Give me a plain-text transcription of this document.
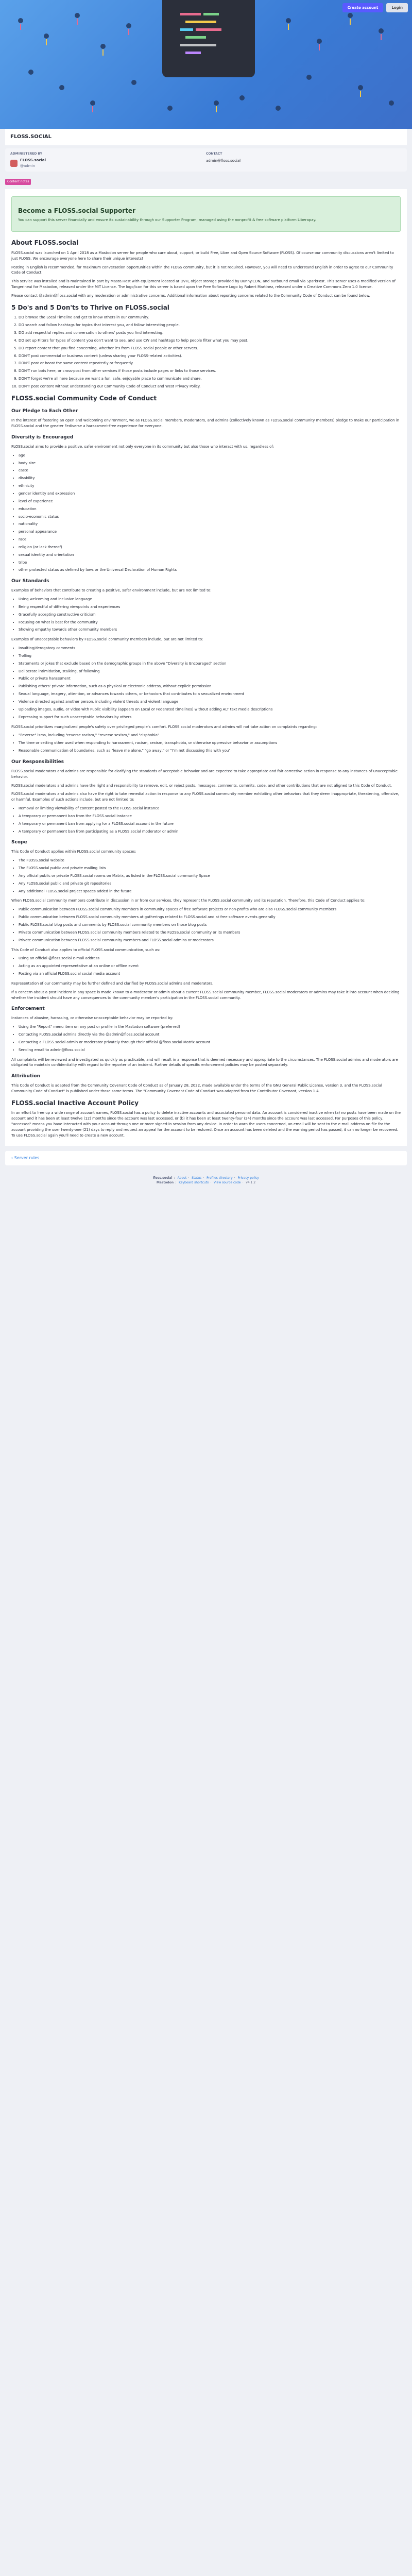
Create account	Login
FLOSS.SOCIAL
ADMINISTERED BY
FLOSS.social
@admin
CONTACT
admin@floss.social
Content notes
Become a FLOSS.social Supporter

You can support this server financially and ensure its sustainability through our Supporter Program, managed using the nonprofit & free software platform Liberapay.

About FLOSS.social

FLOSS.social was launched on 1 April 2018 as a Mastodon server for people who care about, support, or build Free, Libre and Open Source Software (FLOSS). Of course our community discussions aren't limited to just FLOSS. We encourage everyone here to share their unique interests!

Posting in English is recommended, for maximum conversation opportunities within the FLOSS community, but it is not required. However, you will need to understand English in order to agree to our Community Code of Conduct.

This service was installed and is maintained in part by Masto.Host with equipment located at OVH, object storage provided by Bunny.CDN, and outbound email via SparkPost. This server uses a modified version of Tangerineui for Mastodon, released under the MIT License. The logo/icon for this server is based upon the Free Software Logo by Robert Martinez, released under a Creative Commons Zero 1.0 license.

Please contact @admin@floss.social with any moderation or administrative concerns. Additional information about reporting concerns related to the Community Code of Conduct can be found below.

5 Do's and 5 Don'ts to Thrive on FLOSS.social
1. DO browse the Local Timeline and get to know others in our community.
2. DO search and follow hashtags for topics that interest you, and follow interesting people.
3. DO add respectful replies and conversation to others' posts you find interesting.
4. DO set up Filters for types of content you don't want to see, and use CW and hashtags to help people filter what you may post.
5. DO report content that you find concerning, whether it's from FLOSS.social people or other servers.
6. DON'T post commercial or business content (unless sharing your FLOSS-related activities).
7. DON'T post or boost the same content repeatedly or frequently.
8. DON'T run bots here, or cross-post from other services if those posts include pages or links to those services.
9. DON'T forget we're all here because we want a fun, safe, enjoyable place to communicate and share.
10. DON'T post content without understanding our Community Code of Conduct and West Privacy Policy.
FLOSS.social Community Code of Conduct
Our Pledge to Each Other

In the interest of fostering an open and welcoming environment, we as FLOSS.social members, moderators, and admins (collectively known as FLOSS.social community members) pledge to make our participation in FLOSS.social and the greater Fediverse a harassment-free experience for everyone.

Diversity is Encouraged

FLOSS.social aims to provide a positive, safer environment not only everyone in its community but also those who interact with us, regardless of:

• age
• body size
• caste
• disability
• ethnicity
• gender identity and expression
• level of experience
• education
• socio-economic status
• nationality
• personal appearance
• race
• religion (or lack thereof)
• sexual identity and orientation
• tribe
• other protected status as defined by laws or the Universal Declaration of Human Rights
Our Standards

Examples of behaviors that contribute to creating a positive, safer environment include, but are not limited to:

• Using welcoming and inclusive language
• Being respectful of differing viewpoints and experiences
• Gracefully accepting constructive criticism
• Focusing on what is best for the community
• Showing empathy towards other community members

Examples of unacceptable behaviors by FLOSS.social community members include, but are not limited to:

• Insulting/derogatory comments
• Trolling
• Statements or jokes that exclude based on the demographic groups in the above "Diversity is Encouraged" section
• Deliberate intimidation, stalking, of following
• Public or private harassment
• Publishing others' private information, such as a physical or electronic address, without explicit permission
• Sexual language, imagery, attention, or advances towards others, or behaviors that contributes to a sexualized environment
• Violence directed against another person, including violent threats and violent language
• Uploading images, audio, or video with Public visibility (appears on Local or Federated timelines) without adding ALT text media descriptions
• Expressing support for such unacceptable behaviors by others

FLOSS.social prioritizes marginalized people's safety over privileged people's comfort. FLOSS.social moderators and admins will not take action on complaints regarding:

• "Reverse" isms, including "reverse racism," "reverse sexism," and "cisphobia"
• The time or setting other used when responding to harassment, racism, sexism, transphobia, or otherwise oppressive behavior or assumptions
• Reasonable communication of boundaries, such as "leave me alone," "go away," or "I'm not discussing this with you"
Our Responsibilities

FLOSS.social moderators and admins are responsible for clarifying the standards of acceptable behavior and are expected to take appropriate and fair corrective action in response to any instances of unacceptable behavior.

FLOSS.social moderators and admins have the right and responsibility to remove, edit, or reject posts, messages, comments, commits, code, and other contributions that are not aligned to this Code of Conduct.

FLOSS.social moderators and admins also have the right to take remedial action in response to any FLOSS.social community member exhibiting other behaviors that they deem inappropriate, threatening, offensive, or harmful. Examples of such actions include, but are not limited to:

• Removal or limiting viewability of content posted to the FLOSS.social instance
• A temporary or permanent ban from the FLOSS.social instance
• A temporary or permanent ban from applying for a FLOSS.social account in the future
• A temporary or permanent ban from participating as a FLOSS.social moderator or admin
Scope

This Code of Conduct applies within FLOSS.social community spaces:

• The FLOSS.social website
• The FLOSS.social public and private mailing lists
• Any official public or private FLOSS.social rooms on Matrix, as listed in the FLOSS.social community Space
• Any FLOSS.social public and private git repositories
• Any additional FLOSS.social project spaces added in the future

When FLOSS.social community members contribute in discussion in or from our services, they represent the FLOSS.social community and its reputation. Therefore, this Code of Conduct applies to:

• Public communication between FLOSS.social community members in community spaces of free software projects or non-profits who are also FLOSS.social community members
• Public communication between FLOSS.social community members at gatherings related to FLOSS.social and at free software events generally
• Public FLOSS.social blog posts and comments by FLOSS.social community members on those blog posts
• Private communication between FLOSS.social community members related to the FLOSS.social community or its members
• Private communication between FLOSS.social community members and FLOSS.social admins or moderators

This Code of Conduct also applies to official FLOSS.social communication, such as:

• Using an official @floss.social e-mail address
• Acting as an appointed representative at an online or offline event
• Posting via an official FLOSS.social social media account

Representation of our community may be further defined and clarified by FLOSS.social admins and moderators.

If a concern about a post incident in any space is made known to a moderator or admin about a current FLOSS.social community member, FLOSS.social moderators or admins may take it into account when deciding whether the incident should have any consequences to the community member's participation in the FLOSS.social community.

Enforcement

Instances of abusive, harassing, or otherwise unacceptable behavior may be reported by:

• Using the "Report" menu item on any post or profile in the Mastodon software (preferred)
• Contacting FLOSS.social admins directly via the @admin@floss.social account
• Contacting a FLOSS.social admin or moderator privately through their official @floss.social Matrix account
• Sending email to admin@floss.social

All complaints will be reviewed and investigated as quickly as practicable, and will result in a response that is deemed necessary and appropriate to the circumstances. The FLOSS.social admins and moderators are obligated to maintain confidentiality with regard to the reporter of an incident. Further details of specific enforcement policies may be posted separately.

Attribution

This Code of Conduct is adapted from the Community Covenant Code of Conduct as of January 28, 2022, made available under the terms of the GNU General Public License, version 3, and the FLOSS.social Community Code of Conduct" is published under those same terms. The "Community Covenant Code of Conduct was adapted from the Contributor Covenant, version 1.4.

FLOSS.social Inactive Account Policy

In an effort to free up a wide range of account names, FLOSS.social has a policy to delete inactive accounts and associated personal data. An account is considered inactive when (a) no posts have been made on the account and it has been at least twelve (12) months since the account was last accessed, or (b) it has been at least twenty-four (24) months since the account was last accessed. For purposes of this policy, "accessed" means you have interacted with your account through one or more signed-in session from any device. In order to warn the users concerned, an email will be sent to the e-mail address on file for the account providing the user twenty-one (21) days to reply and request an appeal for the account to be restored. Once an account has been deleted and the warning period has passed, it can no longer be recovered. To use FLOSS.social again you'll need to create a new account.

› Server rules
floss.social : About · Status · Profiles directory · Privacy policy
Mastodon : Keyboard shortcuts · View source code · v4.1.2
